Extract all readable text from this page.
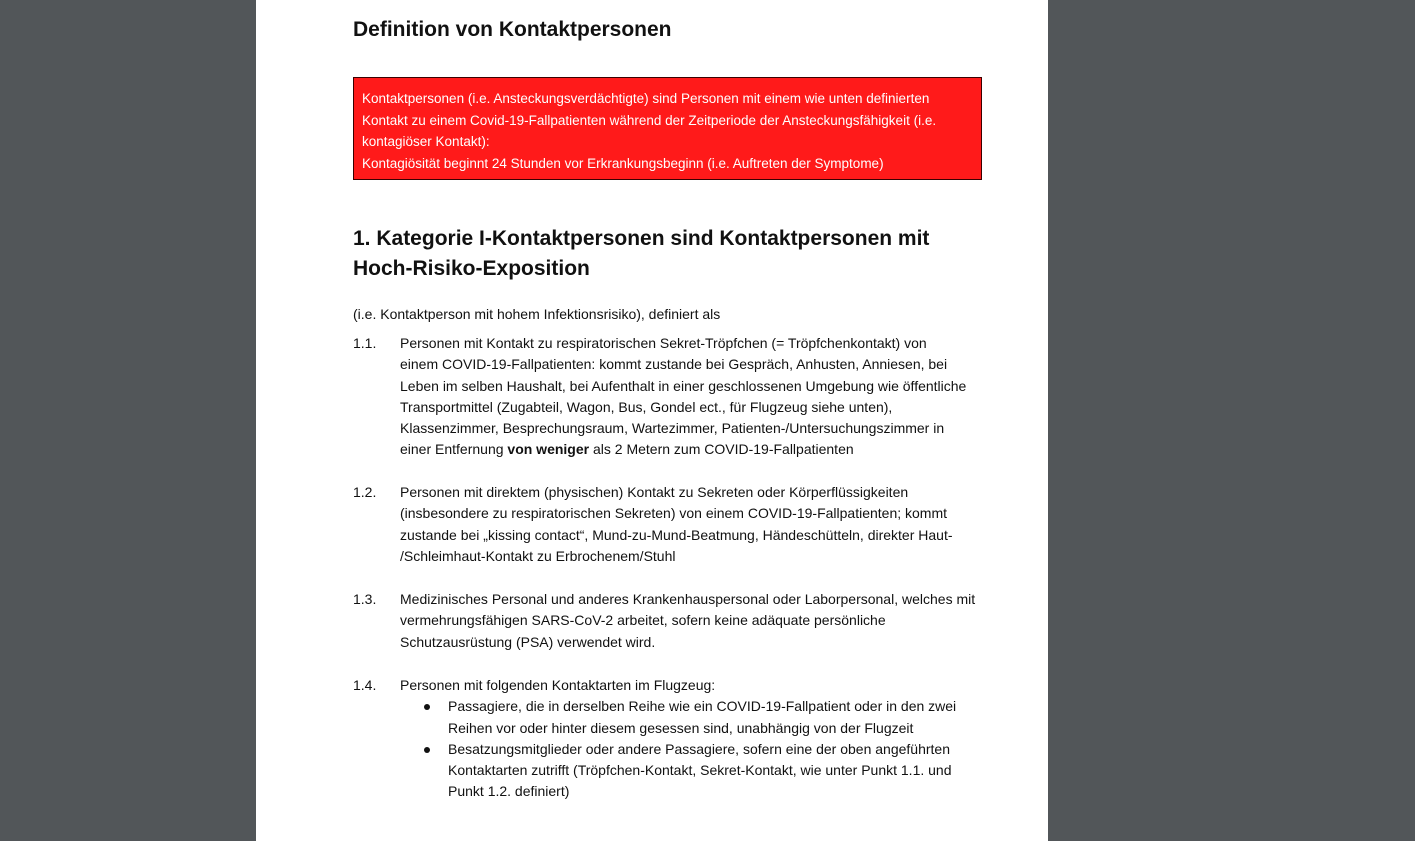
Definition von Kontaktpersonen

Kontaktpersonen (i.e. Ansteckungsverdächtigte) sind Personen mit einem wie unten definierten

Kontakt zu einem Covid-19-Fallpatienten während der Zeitperiode der Ansteckungsfähigkeit (i.e.

kontagiöser Kontakt):

Kontagiösität beginnt 24 Stunden vor Erkrankungsbeginn (i.e. Auftreten der Symptome)

1. Kategorie I-Kontaktpersonen sind Kontaktpersonen mit
Hoch-Risiko-Exposition

(i.e. Kontaktperson mit hohem Infektionsrisiko), definiert als

1.1.	Personen mit Kontakt zu respiratorischen Sekret-Tröpfchen (= Tröpfchenkontakt) von
einem COVID-19-Fallpatienten: kommt zustande bei Gespräch, Anhusten, Anniesen, bei
Leben im selben Haushalt, bei Aufenthalt in einer geschlossenen Umgebung wie öffentliche
Transportmittel (Zugabteil, Wagon, Bus, Gondel ect., für Flugzeug siehe unten),
Klassenzimmer, Besprechungsraum, Wartezimmer, Patienten-/Untersuchungszimmer in
einer Entfernung von weniger als 2 Metern zum COVID-19-Fallpatienten
1.2.	Personen mit direktem (physischen) Kontakt zu Sekreten oder Körperflüssigkeiten
(insbesondere zu respiratorischen Sekreten) von einem COVID-19-Fallpatienten; kommt
zustande bei „kissing contact“, Mund-zu-Mund-Beatmung, Händeschütteln, direkter Haut-
/Schleimhaut-Kontakt zu Erbrochenem/Stuhl
1.3.	Medizinisches Personal und anderes Krankenhauspersonal oder Laborpersonal, welches mit
vermehrungsfähigen SARS-CoV-2 arbeitet, sofern keine adäquate persönliche
Schutzausrüstung (PSA) verwendet wird.
1.4.	Personen mit folgenden Kontaktarten im Flugzeug:
Passagiere, die in derselben Reihe wie ein COVID-19-Fallpatient oder in den zwei
Reihen vor oder hinter diesem gesessen sind, unabhängig von der Flugzeit
Besatzungsmitglieder oder andere Passagiere, sofern eine der oben angeführten
Kontaktarten zutrifft (Tröpfchen-Kontakt, Sekret-Kontakt, wie unter Punkt 1.1. und
Punkt 1.2. definiert)
